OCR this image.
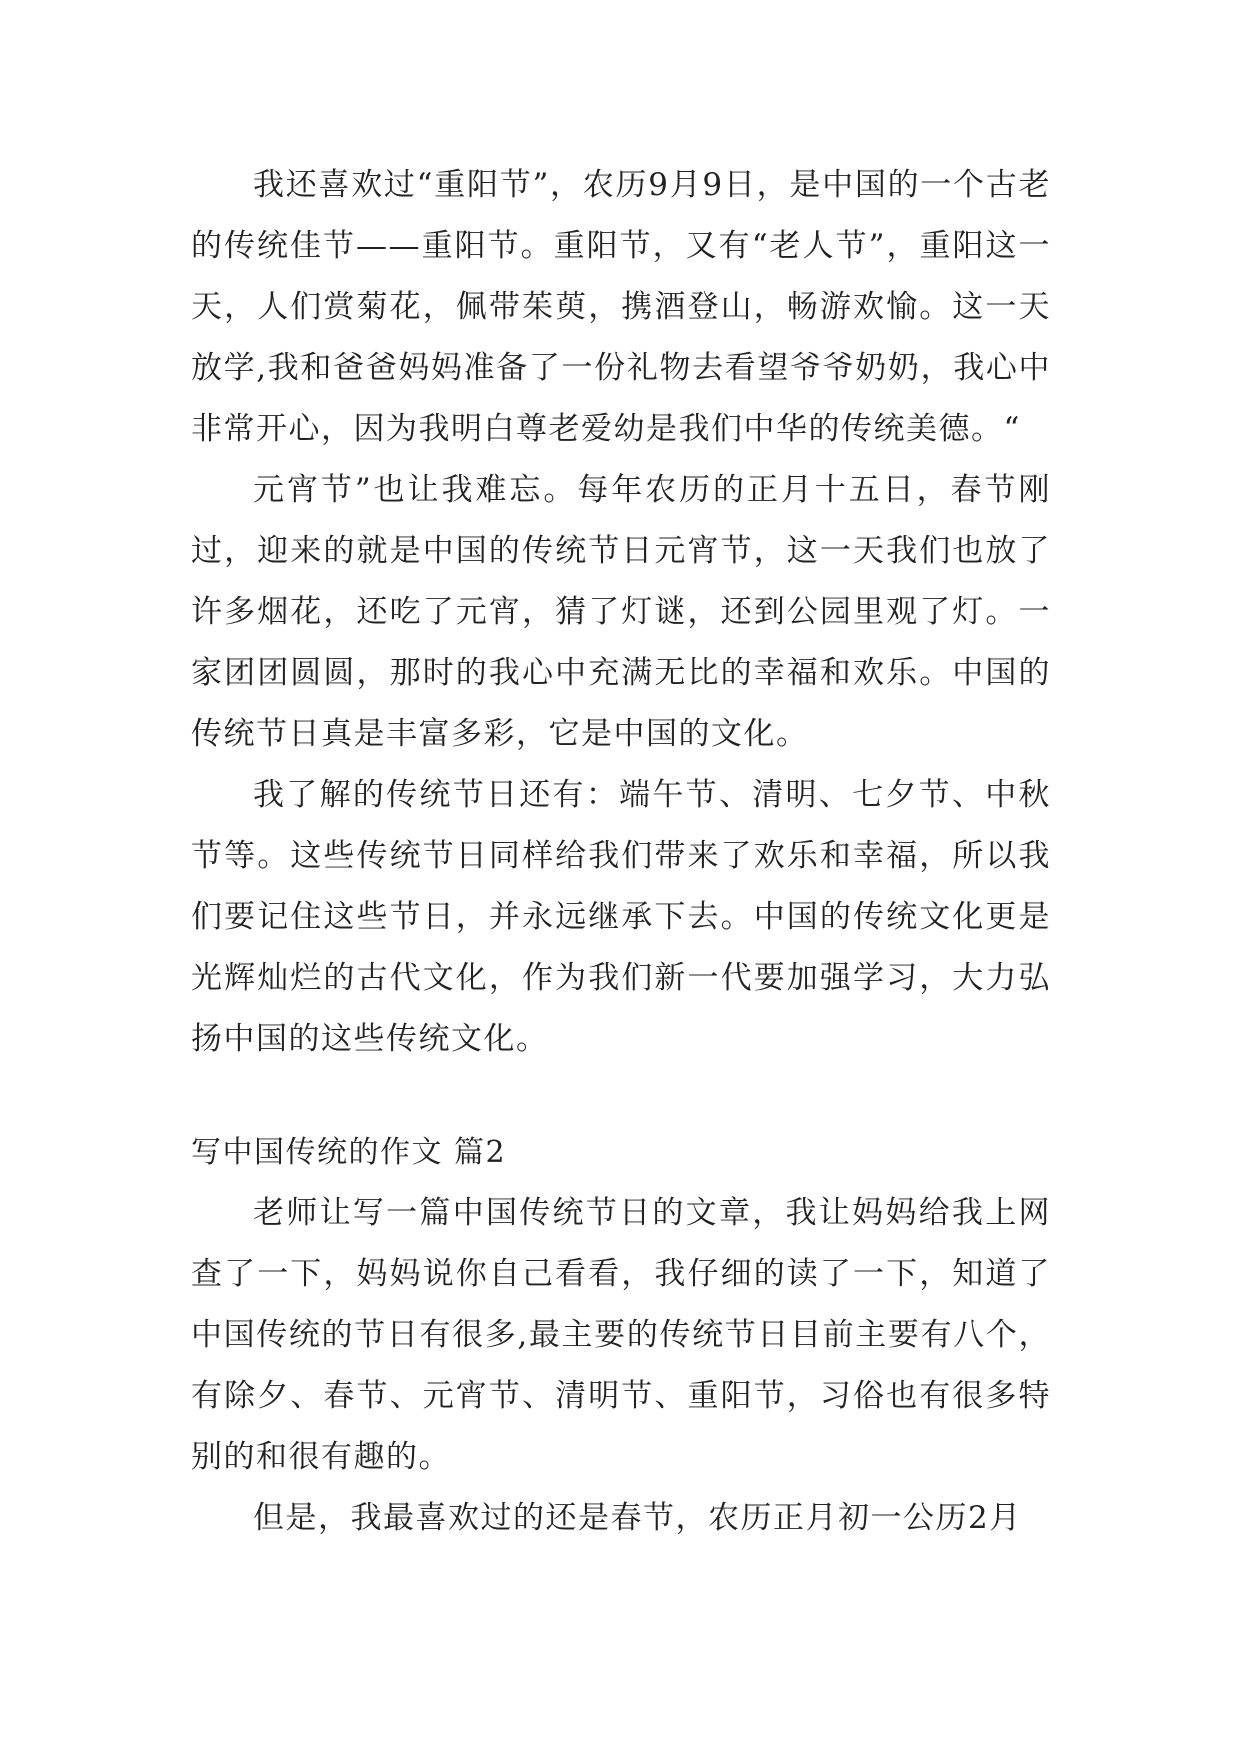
我还喜欢过“重阳节”，农历9月9日，是中国的一个古老的传统佳节——重阳节。重阳节，又有“老人节”，重阳这一天，人们赏菊花，佩带茱萸，携酒登山，畅游欢愉。这一天放学,我和爸爸妈妈准备了一份礼物去看望爷爷奶奶，我心中非常开心，因为我明白尊老爱幼是我们中华的传统美德。“

元宵节”也让我难忘。每年农历的正月十五日，春节刚过，迎来的就是中国的传统节日元宵节，这一天我们也放了许多烟花，还吃了元宵，猜了灯谜，还到公园里观了灯。一家团团圆圆，那时的我心中充满无比的幸福和欢乐。中国的传统节日真是丰富多彩，它是中国的文化。

我了解的传统节日还有：端午节、清明、七夕节、中秋节等。这些传统节日同样给我们带来了欢乐和幸福，所以我们要记住这些节日，并永远继承下去。中国的传统文化更是光辉灿烂的古代文化，作为我们新一代要加强学习，大力弘扬中国的这些传统文化。

写中国传统的作文 篇2

老师让写一篇中国传统节日的文章，我让妈妈给我上网查了一下，妈妈说你自己看看，我仔细的读了一下，知道了中国传统的节日有很多,最主要的传统节日目前主要有八个，有除夕、春节、元宵节、清明节、重阳节，习俗也有很多特别的和很有趣的。

但是，我最喜欢过的还是春节，农历正月初一公历2月
